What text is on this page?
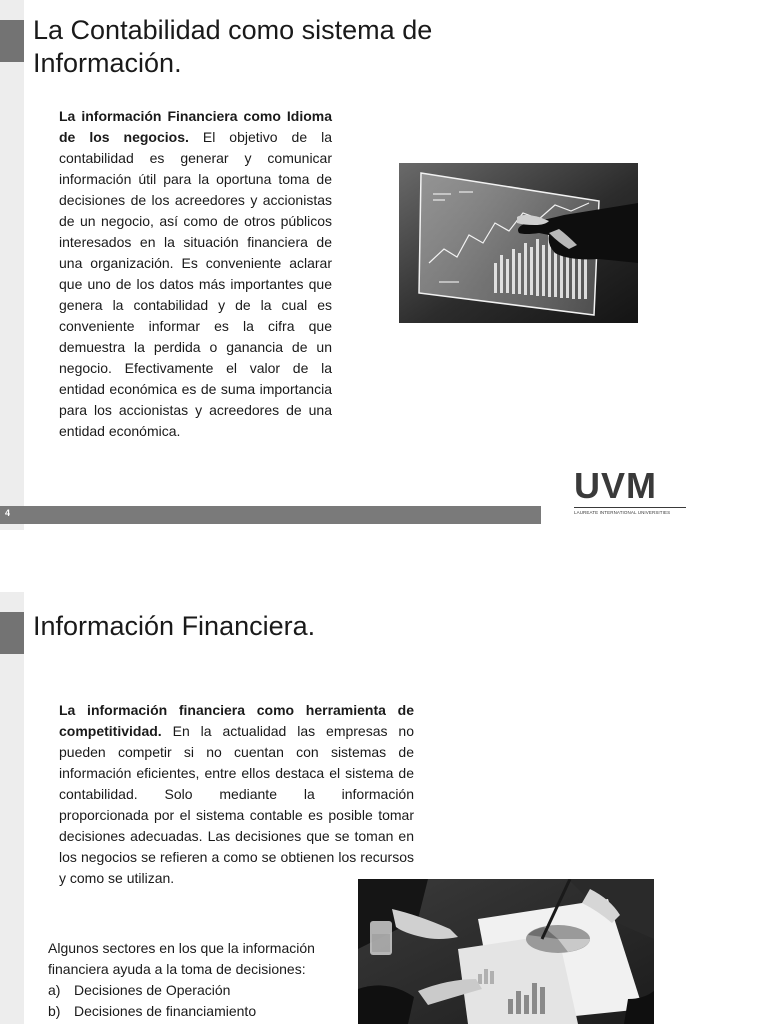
La Contabilidad como sistema de Información.

La información Financiera como Idioma de los negocios. El objetivo de la contabilidad es generar y comunicar información útil para la oportuna toma de decisiones de los acreedores y accionistas de un negocio, así como de otros públicos interesados en la situación financiera de una organización. Es conveniente aclarar que uno de los datos más importantes que genera la contabilidad y de la cual es conveniente informar es la cifra que demuestra la perdida o ganancia de un negocio. Efectivamente el valor de la entidad económica es de suma importancia para los accionistas y acreedores de una entidad económica.

UVM
LAUREATE INTERNATIONAL UNIVERSITIES
4
Información Financiera.

La información financiera como herramienta de competitividad. En la actualidad las empresas no pueden competir si no cuentan con sistemas de información eficientes, entre ellos destaca el sistema de contabilidad. Solo mediante la información proporcionada por el sistema contable es posible tomar decisiones adecuadas. Las decisiones que se toman en los negocios se refieren a como se obtienen los recursos y como se utilizan.

Algunos sectores en los que la información financiera ayuda a la toma de decisiones:

a) Decisiones de Operación
b) Decisiones de financiamiento
